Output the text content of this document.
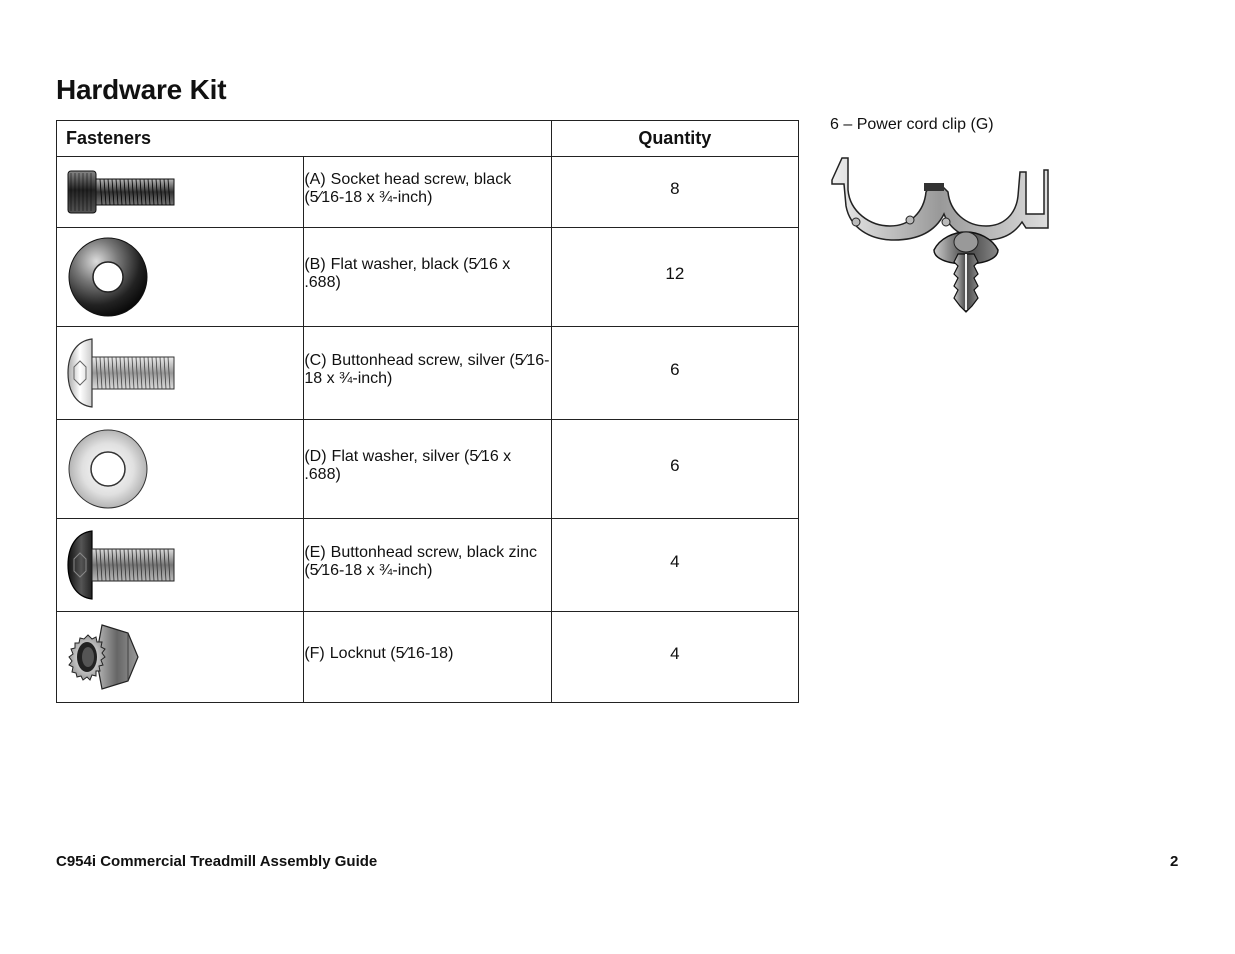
Hardware Kit
Fasteners		Quantity

	(A) Socket head screw, black (5⁄16-18 x ¾-inch)	8

	(B) Flat washer, black (5⁄16 x .688)	12

	(C) Buttonhead screw, silver (5⁄16-18 x ¾-inch)	6

	(D) Flat washer, silver (5⁄16 x .688)	6

	(E) Buttonhead screw, black zinc (5⁄16-18 x ¾-inch)	4

	(F) Locknut (5⁄16-18)	4
6 – Power cord clip (G)
C954i Commercial Treadmill Assembly Guide	2
